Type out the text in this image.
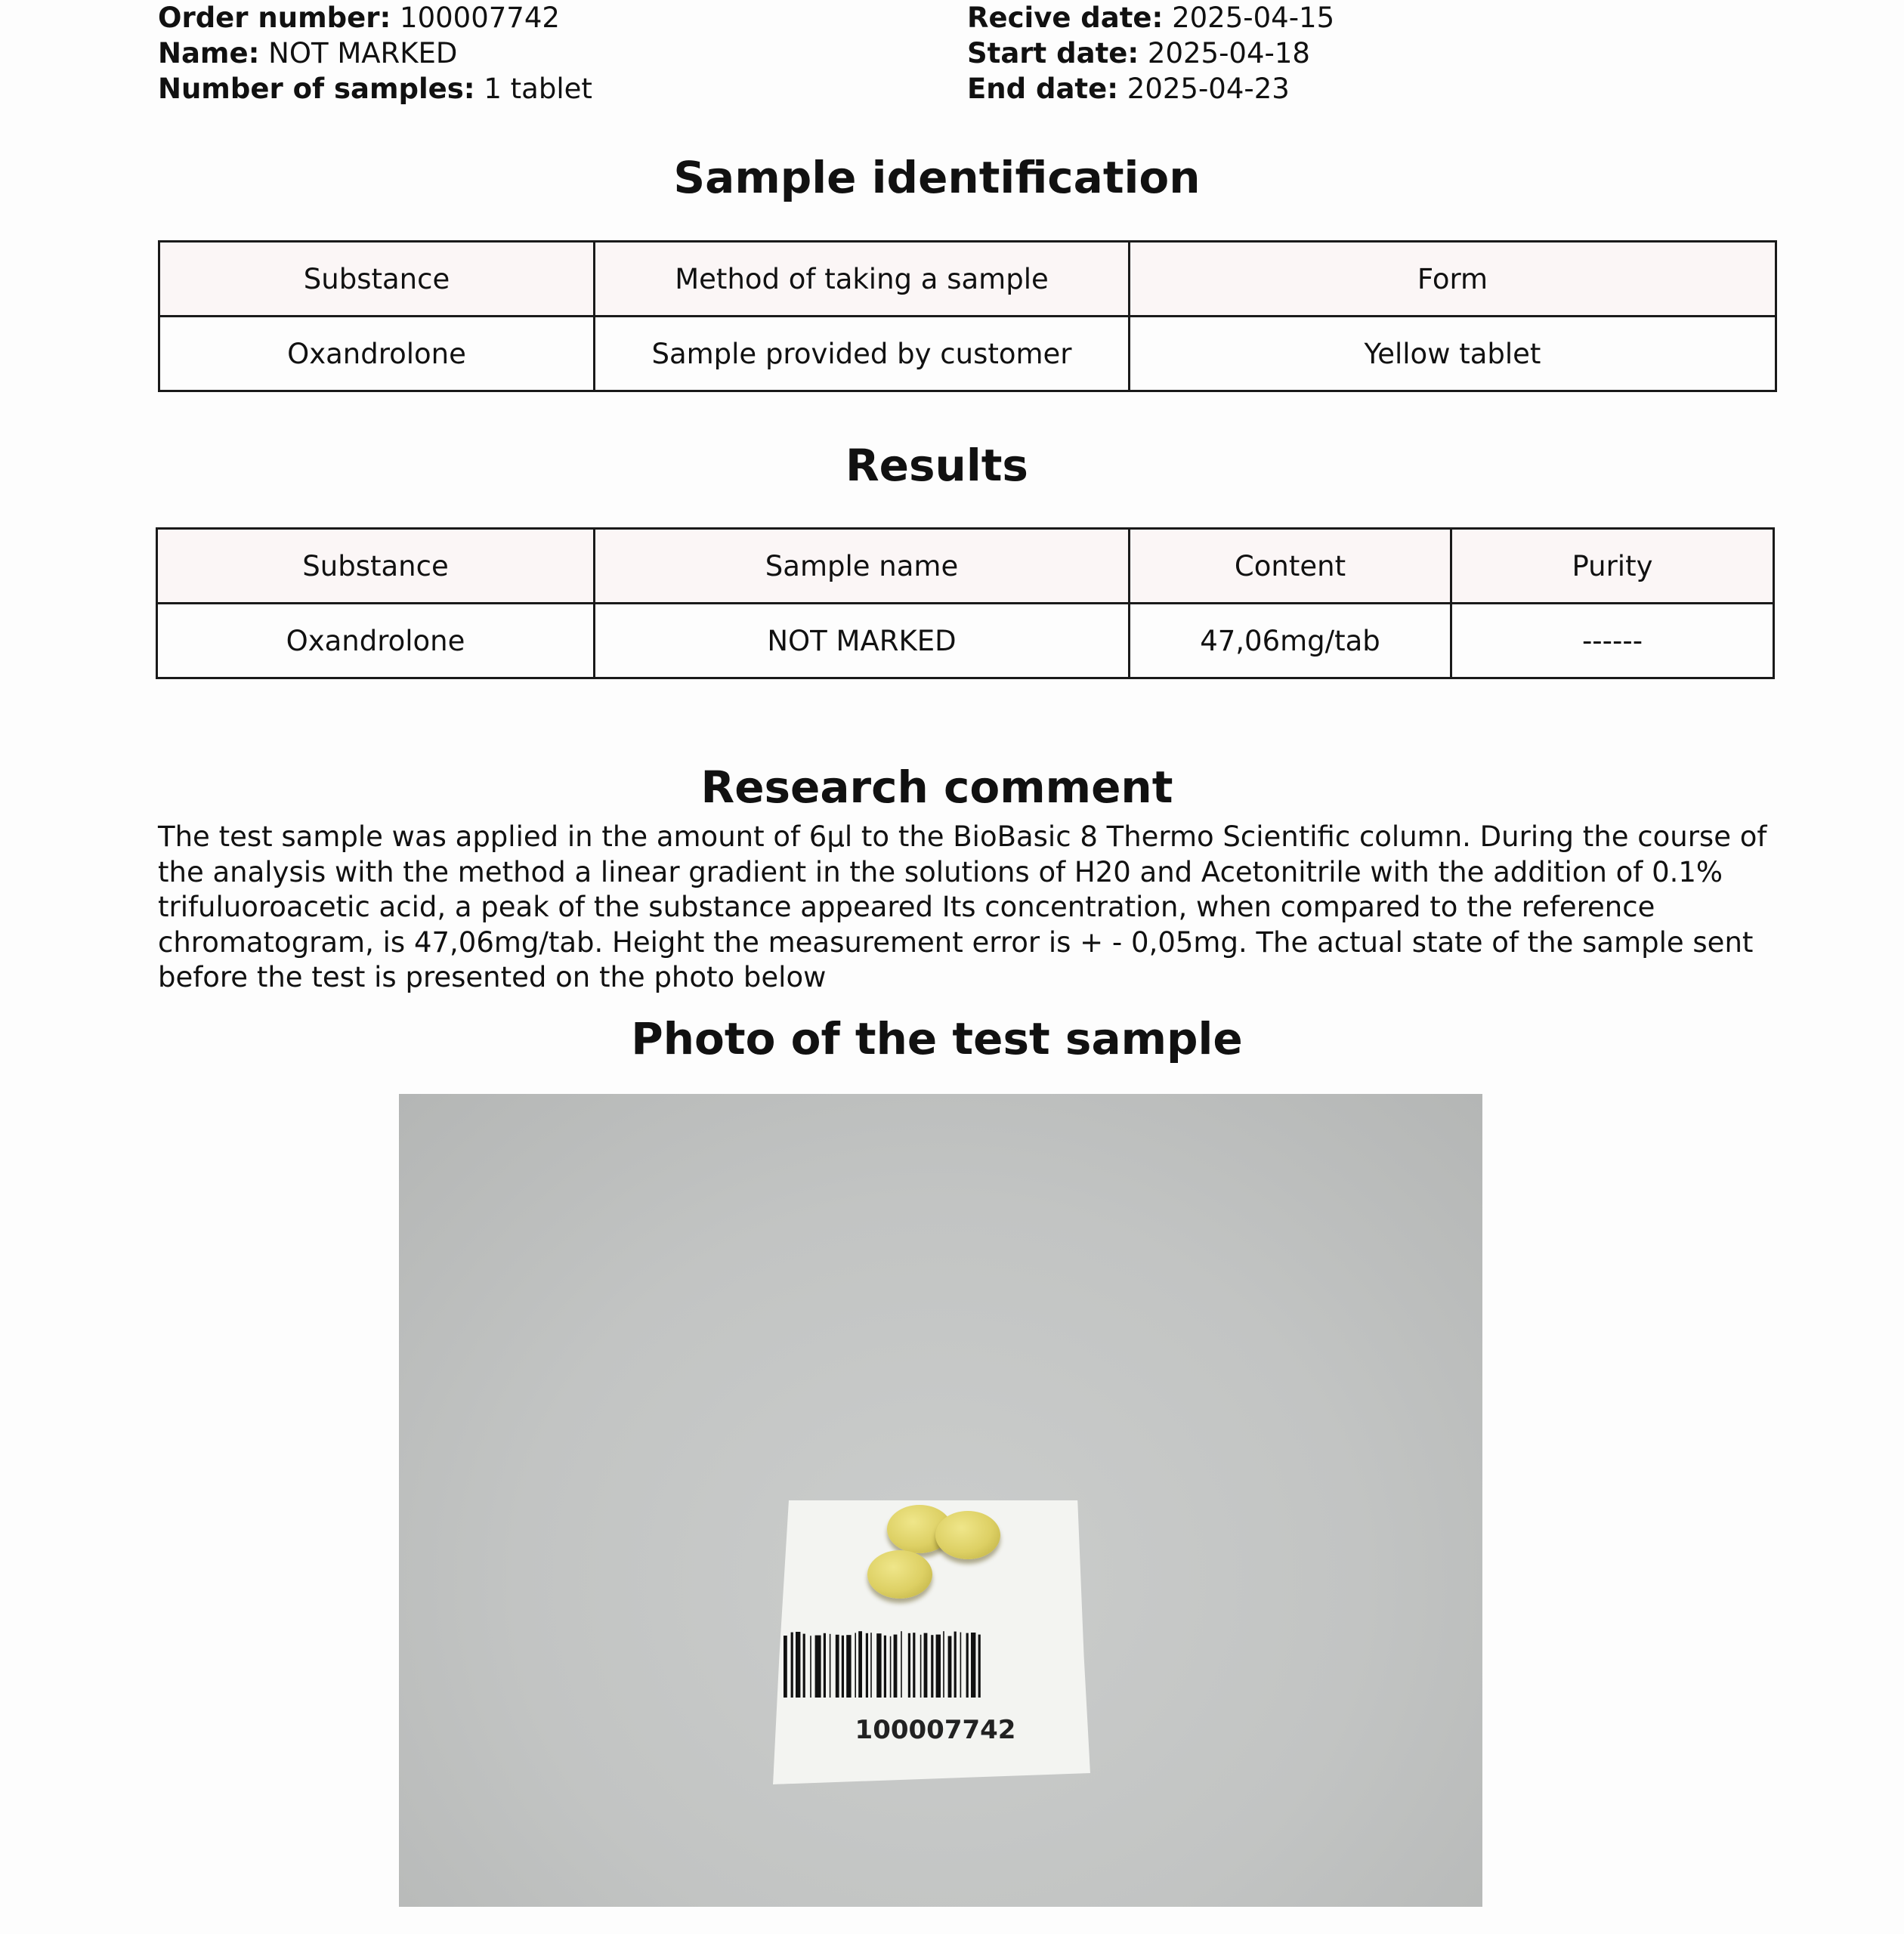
Order number: 100007742
Name: NOT MARKED
Number of samples: 1 tablet
Recive date: 2025-04-15
Start date: 2025-04-18
End date: 2025-04-23
Sample identification
Substance	Method of taking a sample	Form
Oxandrolone	Sample provided by customer	Yellow tablet
Results
Substance	Sample name	Content	Purity
Oxandrolone	NOT MARKED	47,06mg/tab	------
Research comment
The test sample was applied in the amount of 6µl to the BioBasic 8 Thermo Scientific column. During the course of the analysis with the method a linear gradient in the solutions of H20 and Acetonitrile with the addition of 0.1% trifuluoroacetic acid, a peak of the substance appeared Its concentration, when compared to the reference chromatogram, is 47,06mg/tab. Height the measurement error is + - 0,05mg. The actual state of the sample sent before the test is presented on the photo below
Photo of the test sample
100007742
